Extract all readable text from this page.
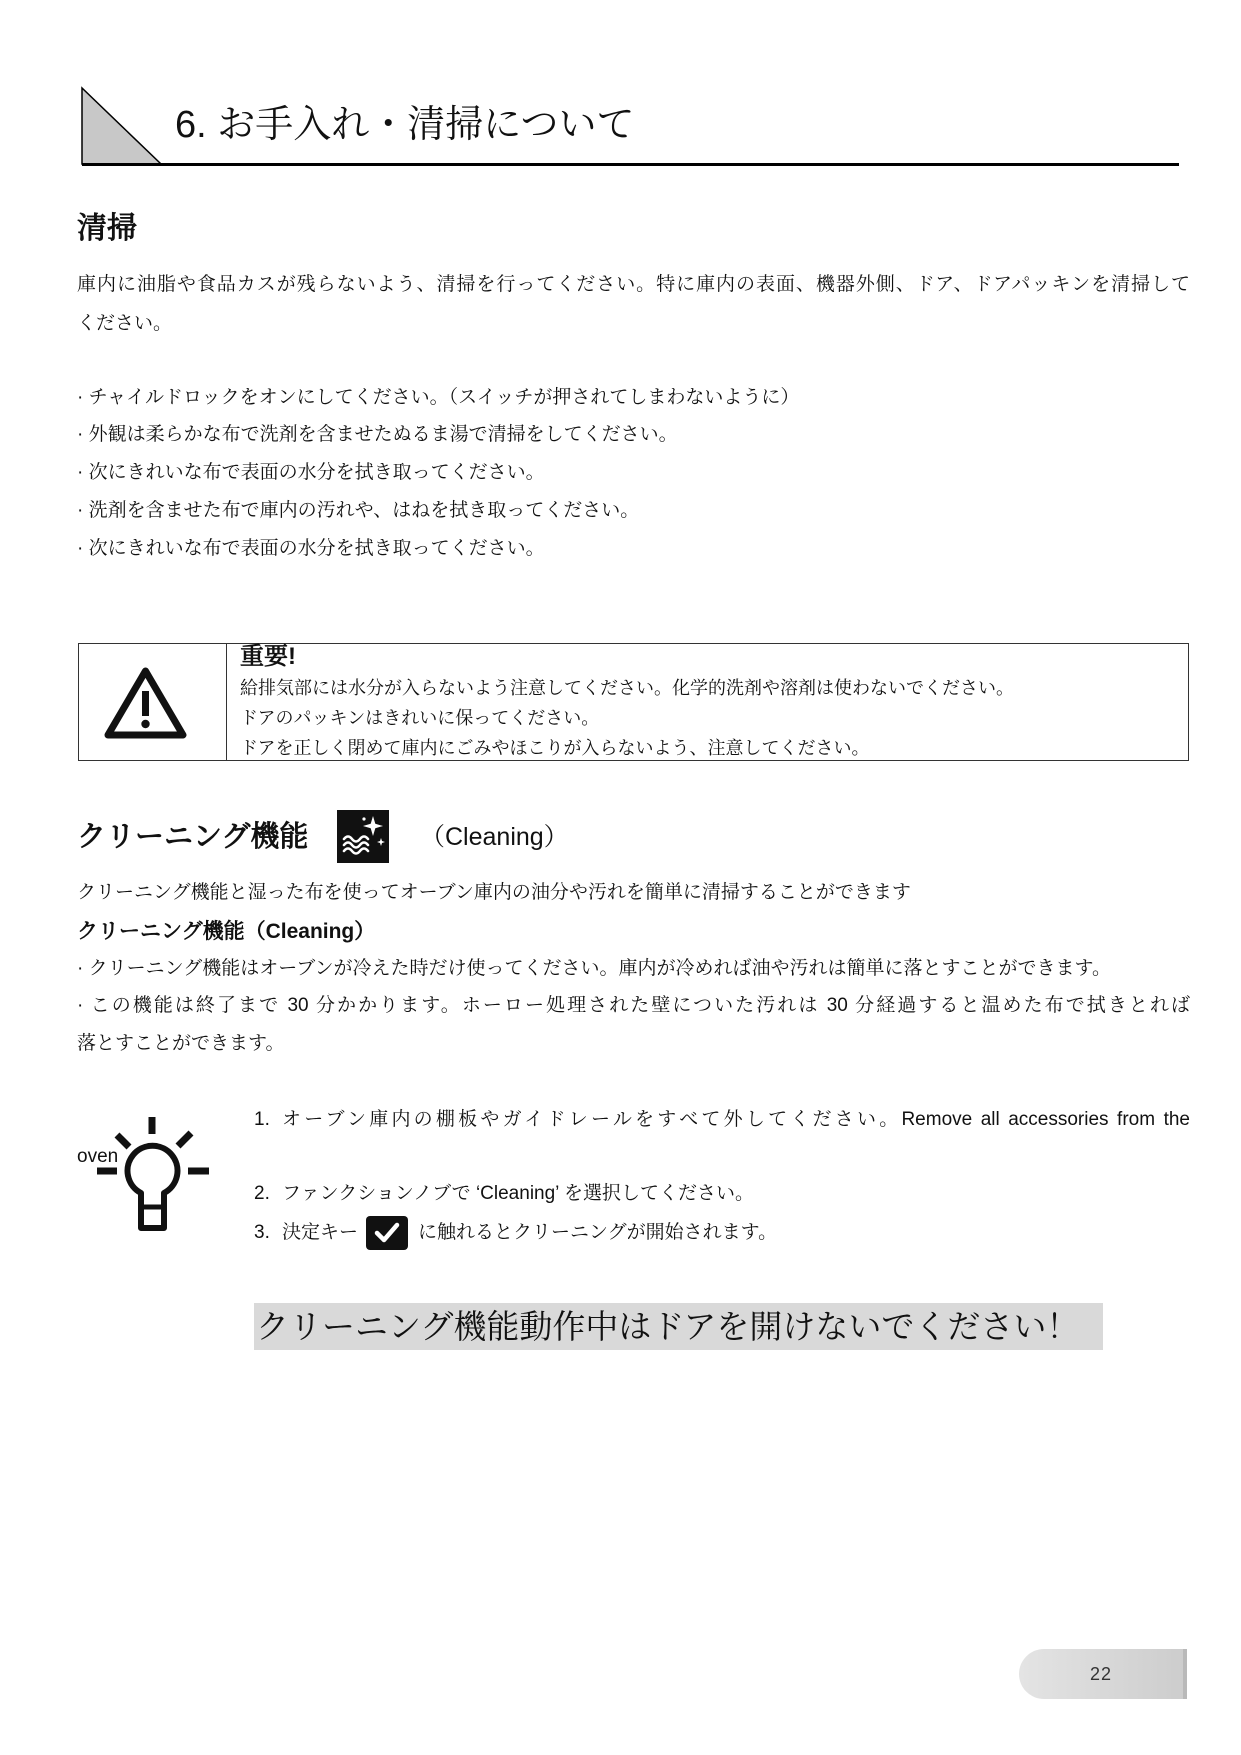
6. お手入れ・清掃について
清掃
庫内に油脂や食品カスが残らないよう、清掃を行ってください。特に庫内の表面、機器外側、ドア、ドアパッキンを清掃して
ください。
· チャイルドロックをオンにしてください。（スイッチが押されてしまわないように）
· 外観は柔らかな布で洗剤を含ませたぬるま湯で清掃をしてください。
· 次にきれいな布で表面の水分を拭き取ってください。
· 洗剤を含ませた布で庫内の汚れや、はねを拭き取ってください。
· 次にきれいな布で表面の水分を拭き取ってください。
重要!
給排気部には水分が入らないよう注意してください。化学的洗剤や溶剤は使わないでください。
ドアのパッキンはきれいに保ってください。
ドアを正しく閉めて庫内にごみやほこりが入らないよう、注意してください。
クリーニング機能	（Cleaning）
クリーニング機能と湿った布を使ってオーブン庫内の油分や汚れを簡単に清掃することができます
クリーニング機能（Cleaning）
· クリーニング機能はオーブンが冷えた時だけ使ってください。庫内が冷めれば油や汚れは簡単に落とすことができます。
· この機能は終了まで 30 分かかります。ホーロー処理された壁についた汚れは 30 分経過すると温めた布で拭きとれば
落とすことができます。
1. オーブン庫内の棚板やガイドレールをすべて外してください。Remove all accessories from the
oven
2. ファンクションノブで ‘Cleaning’ を選択してください。
3. 決定キー	に触れるとクリーニングが開始されます。
クリーニング機能動作中はドアを開けないでください！
22
